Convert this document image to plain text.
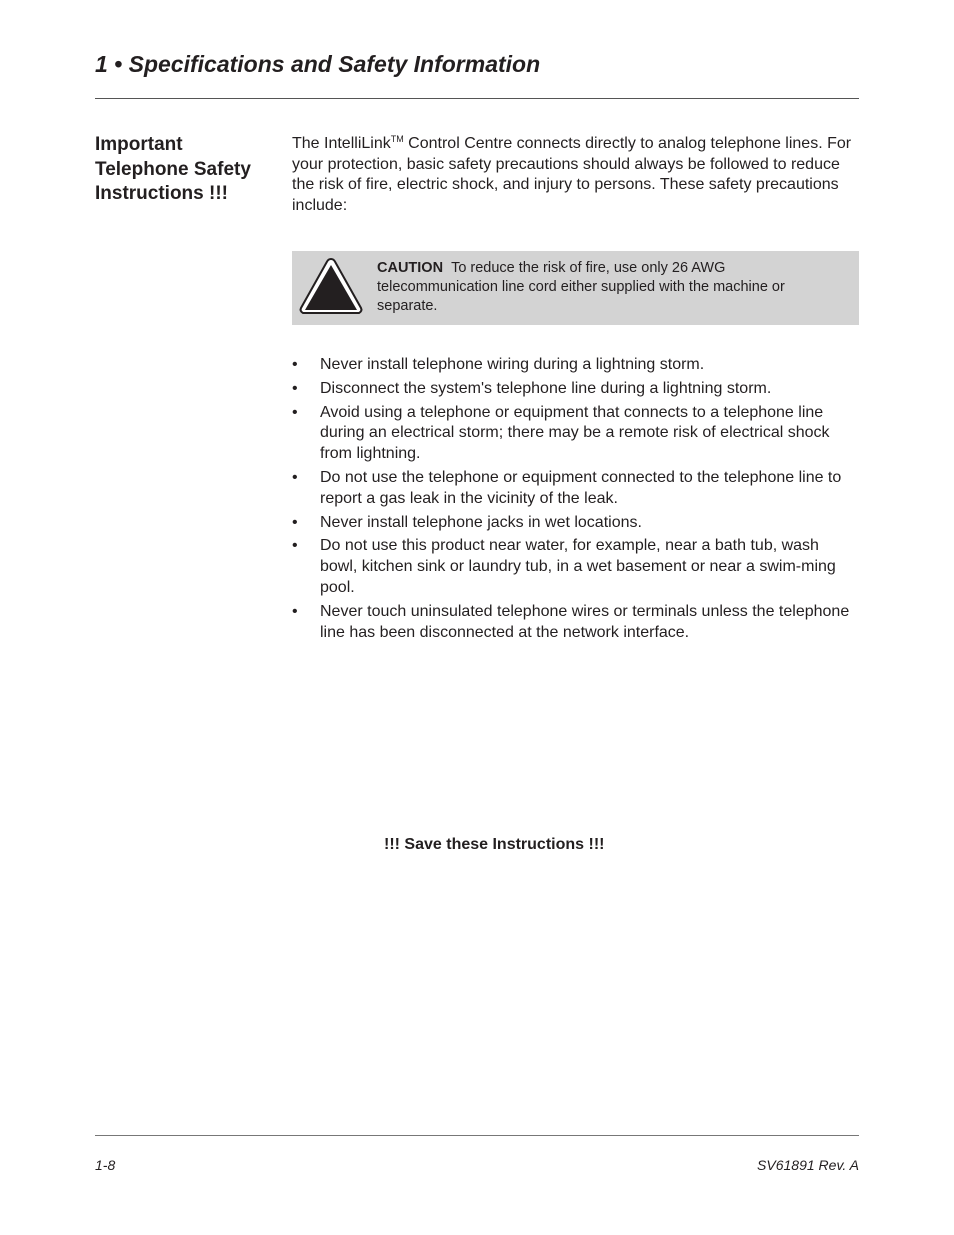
1 • Specifications and Safety Information
Important Telephone Safety Instructions !!!
The IntelliLink™ Control Centre connects directly to analog telephone lines. For your protection, basic safety precautions should always be followed to reduce the risk of fire, electric shock, and injury to persons. These safety precautions include:
CAUTION To reduce the risk of fire, use only 26 AWG telecommunication line cord either supplied with the machine or separate.
• Never install telephone wiring during a lightning storm.
• Disconnect the system's telephone line during a lightning storm.
• Avoid using a telephone or equipment that connects to a telephone line during an electrical storm; there may be a remote risk of electrical shock from lightning.
• Do not use the telephone or equipment connected to the telephone line to report a gas leak in the vicinity of the leak.
• Never install telephone jacks in wet locations.
• Do not use this product near water, for example, near a bath tub, wash bowl, kitchen sink or laundry tub, in a wet basement or near a swim-ming pool.
• Never touch uninsulated telephone wires or terminals unless the telephone line has been disconnected at the network interface.
!!! Save these Instructions !!!
1-8	SV61891 Rev. A
